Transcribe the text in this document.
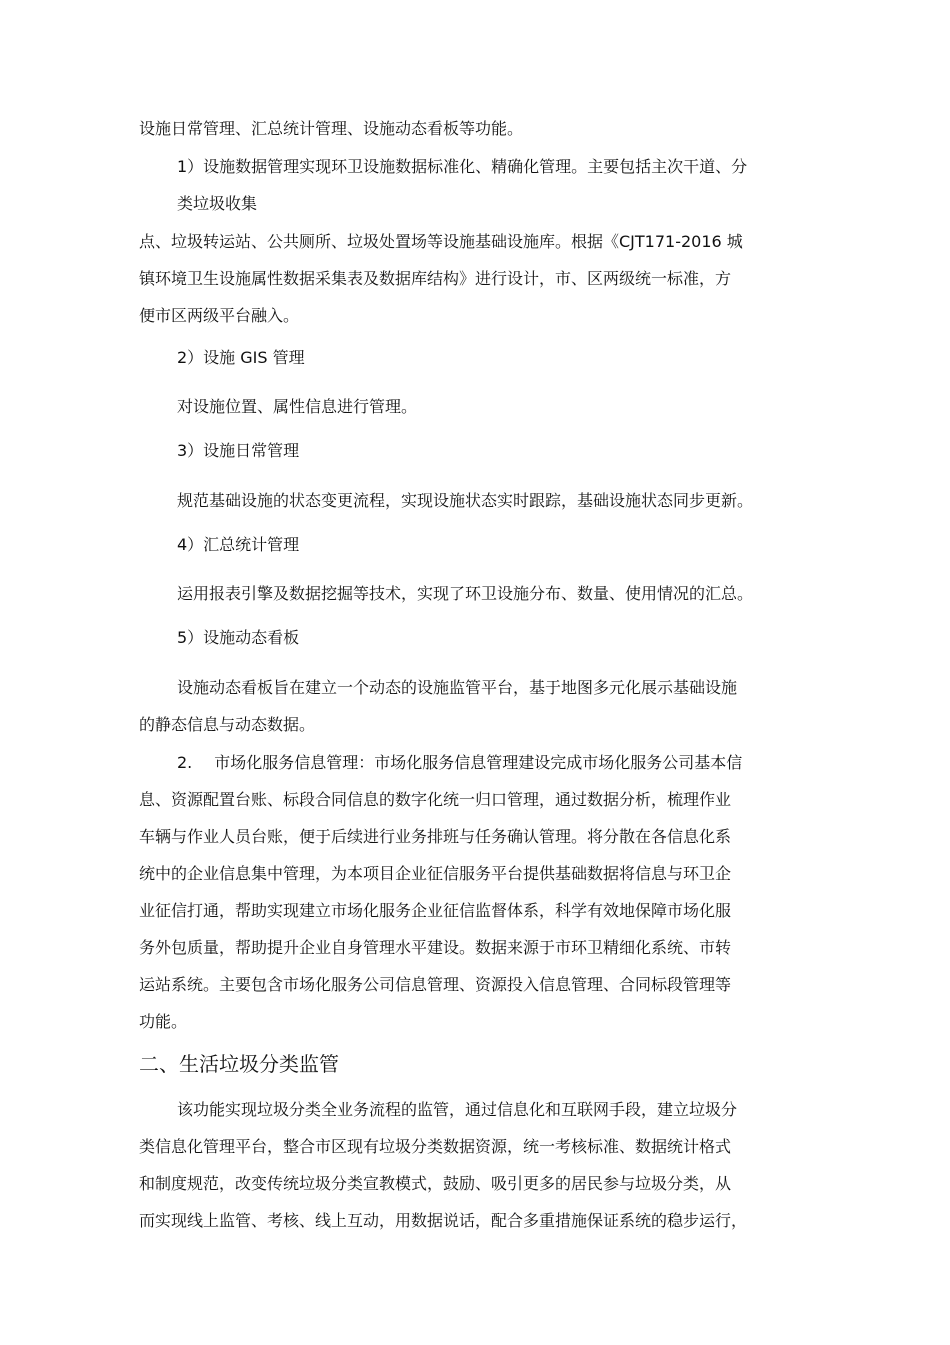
设施日常管理、汇总统计管理、设施动态看板等功能。
1）设施数据管理实现环卫设施数据标准化、精确化管理。主要包括主次干道、分
类垃圾收集
点、垃圾转运站、公共厕所、垃圾处置场等设施基础设施库。根据《CJT171-2016 城
镇环境卫生设施属性数据采集表及数据库结构》进行设计，市、区两级统一标准，方
便市区两级平台融入。
2）设施 GIS 管理
对设施位置、属性信息进行管理。
3）设施日常管理
规范基础设施的状态变更流程，实现设施状态实时跟踪，基础设施状态同步更新。
4）汇总统计管理
运用报表引擎及数据挖掘等技术，实现了环卫设施分布、数量、使用情况的汇总。
5）设施动态看板
设施动态看板旨在建立一个动态的设施监管平台，基于地图多元化展示基础设施
的静态信息与动态数据。
2. 市场化服务信息管理：市场化服务信息管理建设完成市场化服务公司基本信
息、资源配置台账、标段合同信息的数字化统一归口管理，通过数据分析，梳理作业
车辆与作业人员台账，便于后续进行业务排班与任务确认管理。将分散在各信息化系
统中的企业信息集中管理，为本项目企业征信服务平台提供基础数据将信息与环卫企
业征信打通，帮助实现建立市场化服务企业征信监督体系，科学有效地保障市场化服
务外包质量，帮助提升企业自身管理水平建设。数据来源于市环卫精细化系统、市转
运站系统。主要包含市场化服务公司信息管理、资源投入信息管理、合同标段管理等
功能。
二、生活垃圾分类监管
该功能实现垃圾分类全业务流程的监管，通过信息化和互联网手段，建立垃圾分
类信息化管理平台，整合市区现有垃圾分类数据资源，统一考核标准、数据统计格式
和制度规范，改变传统垃圾分类宣教模式，鼓励、吸引更多的居民参与垃圾分类，从
而实现线上监管、考核、线上互动，用数据说话，配合多重措施保证系统的稳步运行，
